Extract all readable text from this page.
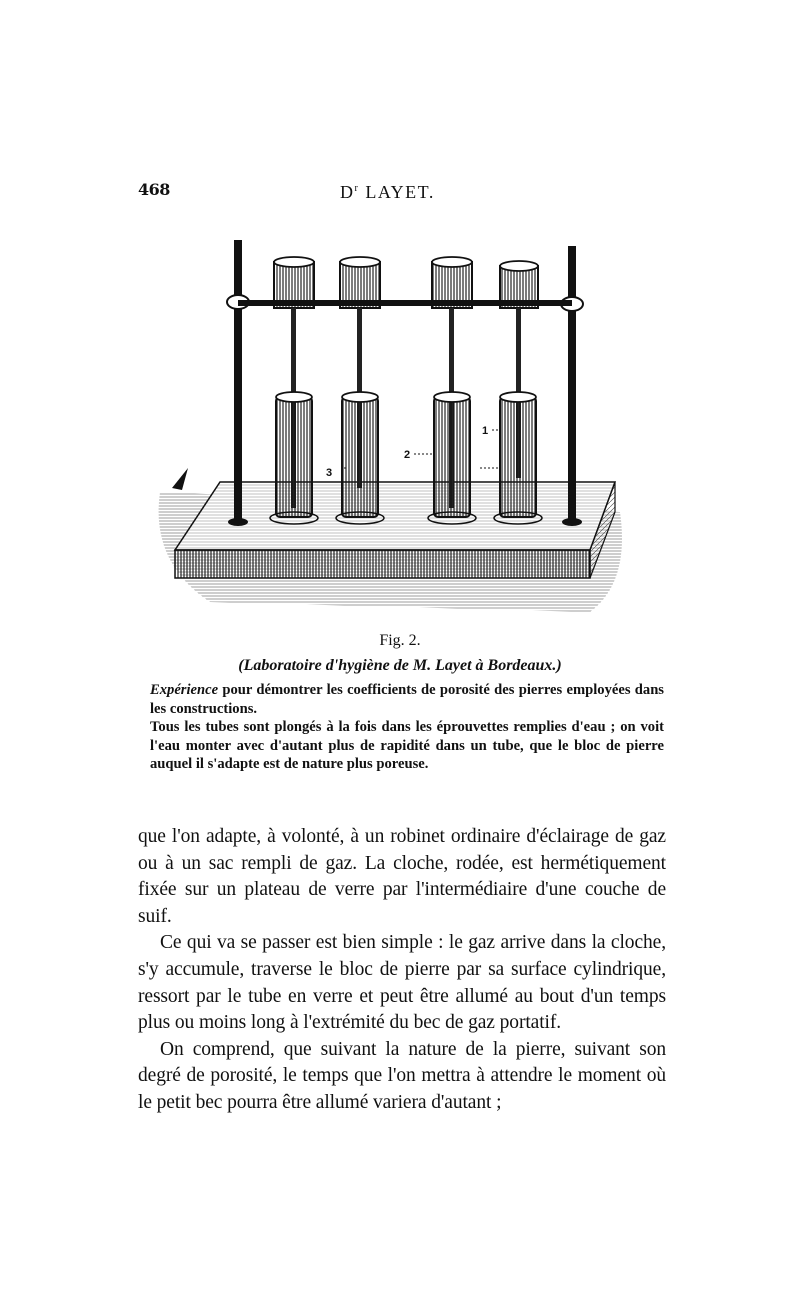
468	$D^r$ LAYET.
1
2
3
Fig. 2.
(Laboratoire d'hygiène de M. Layet à Bordeaux.)

Expérience pour démontrer les coefficients de porosité des pierres employées dans les constructions.

Tous les tubes sont plongés à la fois dans les éprouvettes remplies d'eau ; on voit l'eau monter avec d'autant plus de rapidité dans un tube, que le bloc de pierre auquel il s'adapte est de nature plus poreuse.

que l'on adapte, à volonté, à un robinet ordinaire d'éclairage de gaz ou à un sac rempli de gaz. La cloche, rodée, est hermétiquement fixée sur un plateau de verre par l'intermédiaire d'une couche de suif.

Ce qui va se passer est bien simple : le gaz arrive dans la cloche, s'y accumule, traverse le bloc de pierre par sa surface cylindrique, ressort par le tube en verre et peut être allumé au bout d'un temps plus ou moins long à l'extrémité du bec de gaz portatif.

On comprend, que suivant la nature de la pierre, suivant son degré de porosité, le temps que l'on mettra à attendre le moment où le petit bec pourra être allumé variera d'autant ;
